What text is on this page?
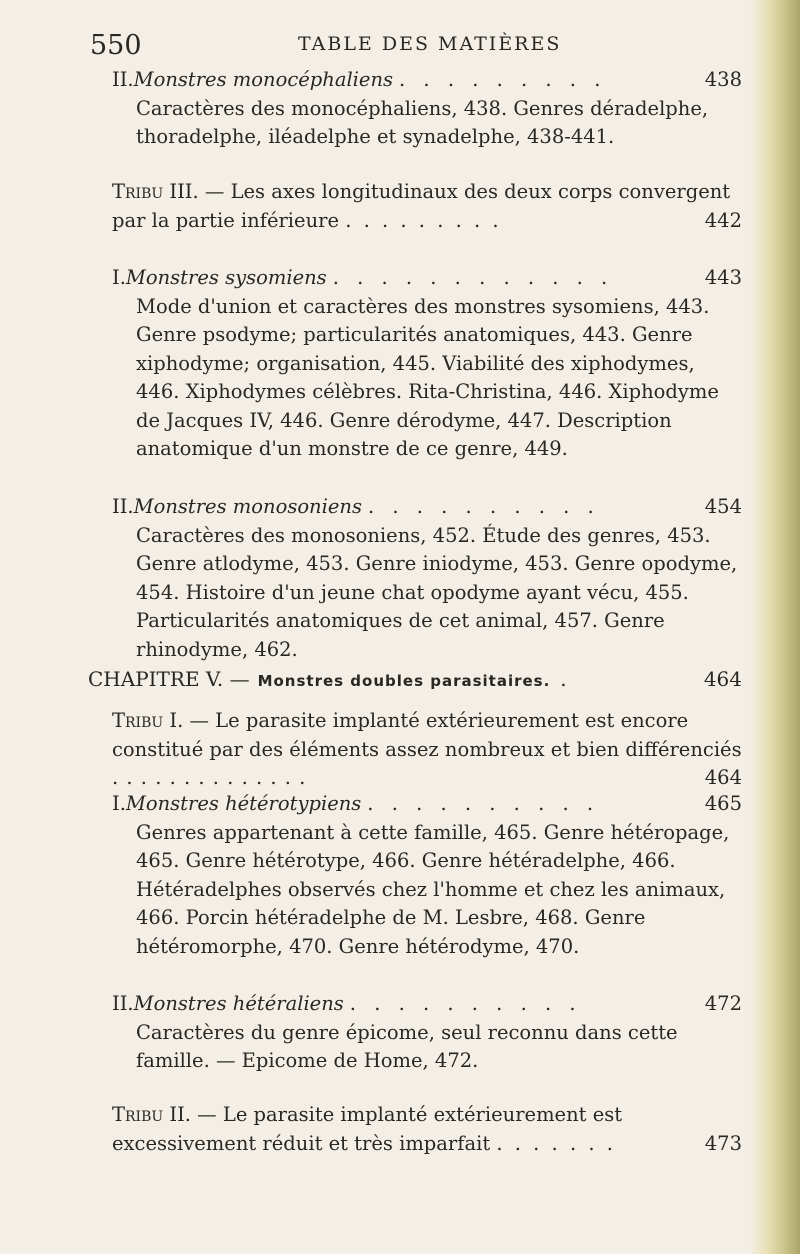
550	TABLE DES MATIÈRES
II. Monstres monocéphaliens . . . . . . . . .	438
Caractères des monocéphaliens, 438. Genres déradelphe, thoradelphe, iléadelphe et synadelphe, 438-441.
Tribu III. — Les axes longitudinaux des deux corps convergent par la partie inférieure . . . . . . . . .	442
I. Monstres sysomiens . . . . . . . . . . . .	443
Mode d'union et caractères des monstres sysomiens, 443. Genre psodyme; particularités anatomiques, 443. Genre xiphodyme; organisation, 445. Viabilité des xiphodymes, 446. Xiphodymes célèbres. Rita-Christina, 446. Xiphodyme de Jacques IV, 446. Genre dérodyme, 447. Description anatomique d'un monstre de ce genre, 449.
II. Monstres monosoniens . . . . . . . . . .	454
Caractères des monosoniens, 452. Étude des genres, 453. Genre atlodyme, 453. Genre iniodyme, 453. Genre opodyme, 454. Histoire d'un jeune chat opodyme ayant vécu, 455. Particularités anatomiques de cet animal, 457. Genre rhinodyme, 462.
CHAPITRE V. — Monstres doubles parasitaires. .	464
Tribu I. — Le parasite implanté extérieurement est encore constitué par des éléments assez nombreux et bien différenciés . . . . . . . . . . . . . .	464
I. Monstres hétérotypiens . . . . . . . . . .	465
Genres appartenant à cette famille, 465. Genre hétéropage, 465. Genre hétérotype, 466. Genre hétéradelphe, 466. Hétéradelphes observés chez l'homme et chez les animaux, 466. Porcin hétéradelphe de M. Lesbre, 468. Genre hétéromorphe, 470. Genre hétérodyme, 470.
II. Monstres hétéraliens . . . . . . . . . .	472
Caractères du genre épicome, seul reconnu dans cette famille. — Epicome de Home, 472.
Tribu II. — Le parasite implanté extérieurement est excessivement réduit et très imparfait . . . . . . .	473
